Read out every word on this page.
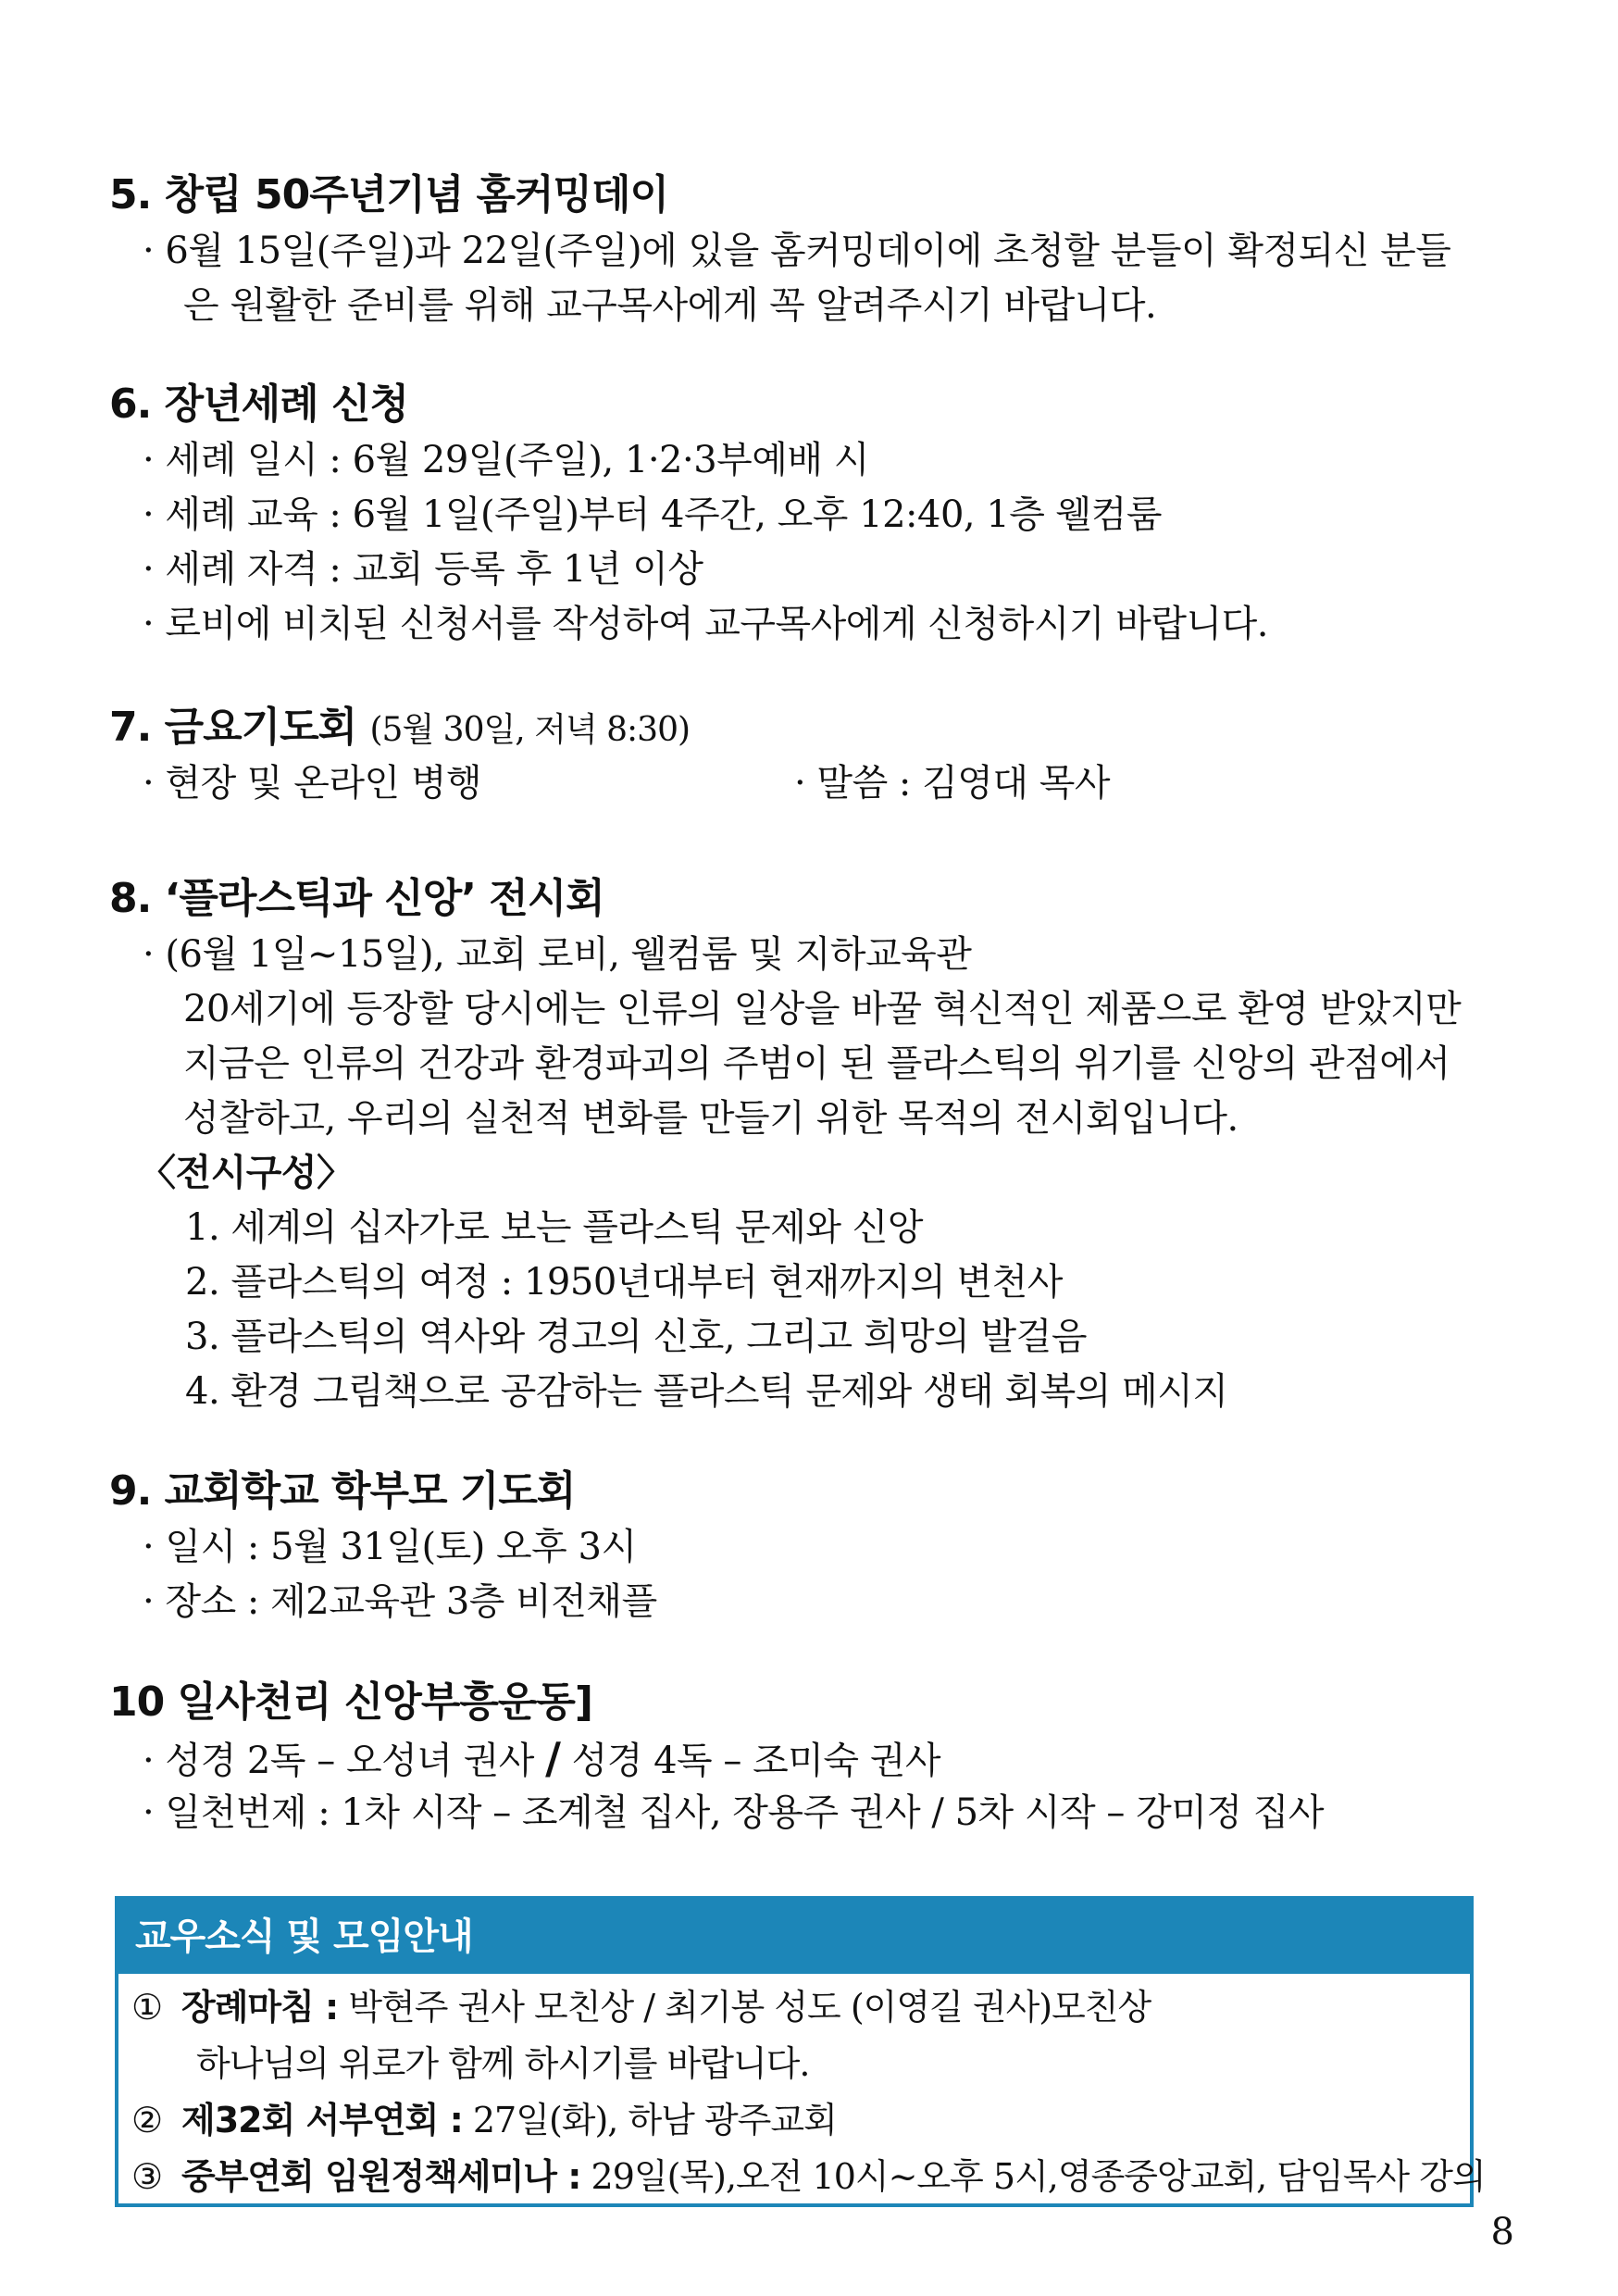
5. 창립 50주년기념 홈커밍데이
· 6월 15일(주일)과 22일(주일)에 있을 홈커밍데이에 초청할 분들이 확정되신 분들
은 원활한 준비를 위해 교구목사에게 꼭 알려주시기 바랍니다.
6. 장년세례 신청
· 세례 일시 : 6월 29일(주일), 1·2·3부예배 시
· 세례 교육 : 6월 1일(주일)부터 4주간, 오후 12:40, 1층 웰컴룸
· 세례 자격 : 교회 등록 후 1년 이상
· 로비에 비치된 신청서를 작성하여 교구목사에게 신청하시기 바랍니다.
7. 금요기도회 (5월 30일, 저녁 8:30)
· 현장 및 온라인 병행	· 말씀 : 김영대 목사
8. ‘플라스틱과 신앙’ 전시회
· (6월 1일~15일), 교회 로비, 웰컴룸 및 지하교육관
20세기에 등장할 당시에는 인류의 일상을 바꿀 혁신적인 제품으로 환영 받았지만
지금은 인류의 건강과 환경파괴의 주범이 된 플라스틱의 위기를 신앙의 관점에서
성찰하고, 우리의 실천적 변화를 만들기 위한 목적의 전시회입니다.
〈전시구성〉
1. 세계의 십자가로 보는 플라스틱 문제와 신앙
2. 플라스틱의 여정 : 1950년대부터 현재까지의 변천사
3. 플라스틱의 역사와 경고의 신호, 그리고 희망의 발걸음
4. 환경 그림책으로 공감하는 플라스틱 문제와 생태 회복의 메시지
9. 교회학교 학부모 기도회
· 일시 : 5월 31일(토) 오후 3시
· 장소 : 제2교육관 3층 비전채플
10 일사천리 신앙부흥운동]
· 성경 2독 – 오성녀 권사 / 성경 4독 – 조미숙 권사
· 일천번제 : 1차 시작 – 조계철 집사, 장용주 권사 / 5차 시작 – 강미정 집사
교우소식 및 모임안내
① 장례마침 : 박현주 권사 모친상 / 최기봉 성도 (이영길 권사)모친상
하나님의 위로가 함께 하시기를 바랍니다.
② 제32회 서부연회 : 27일(화), 하남 광주교회
③ 중부연회 임원정책세미나 : 29일(목),오전 10시~오후 5시,영종중앙교회, 담임목사 강의
8
